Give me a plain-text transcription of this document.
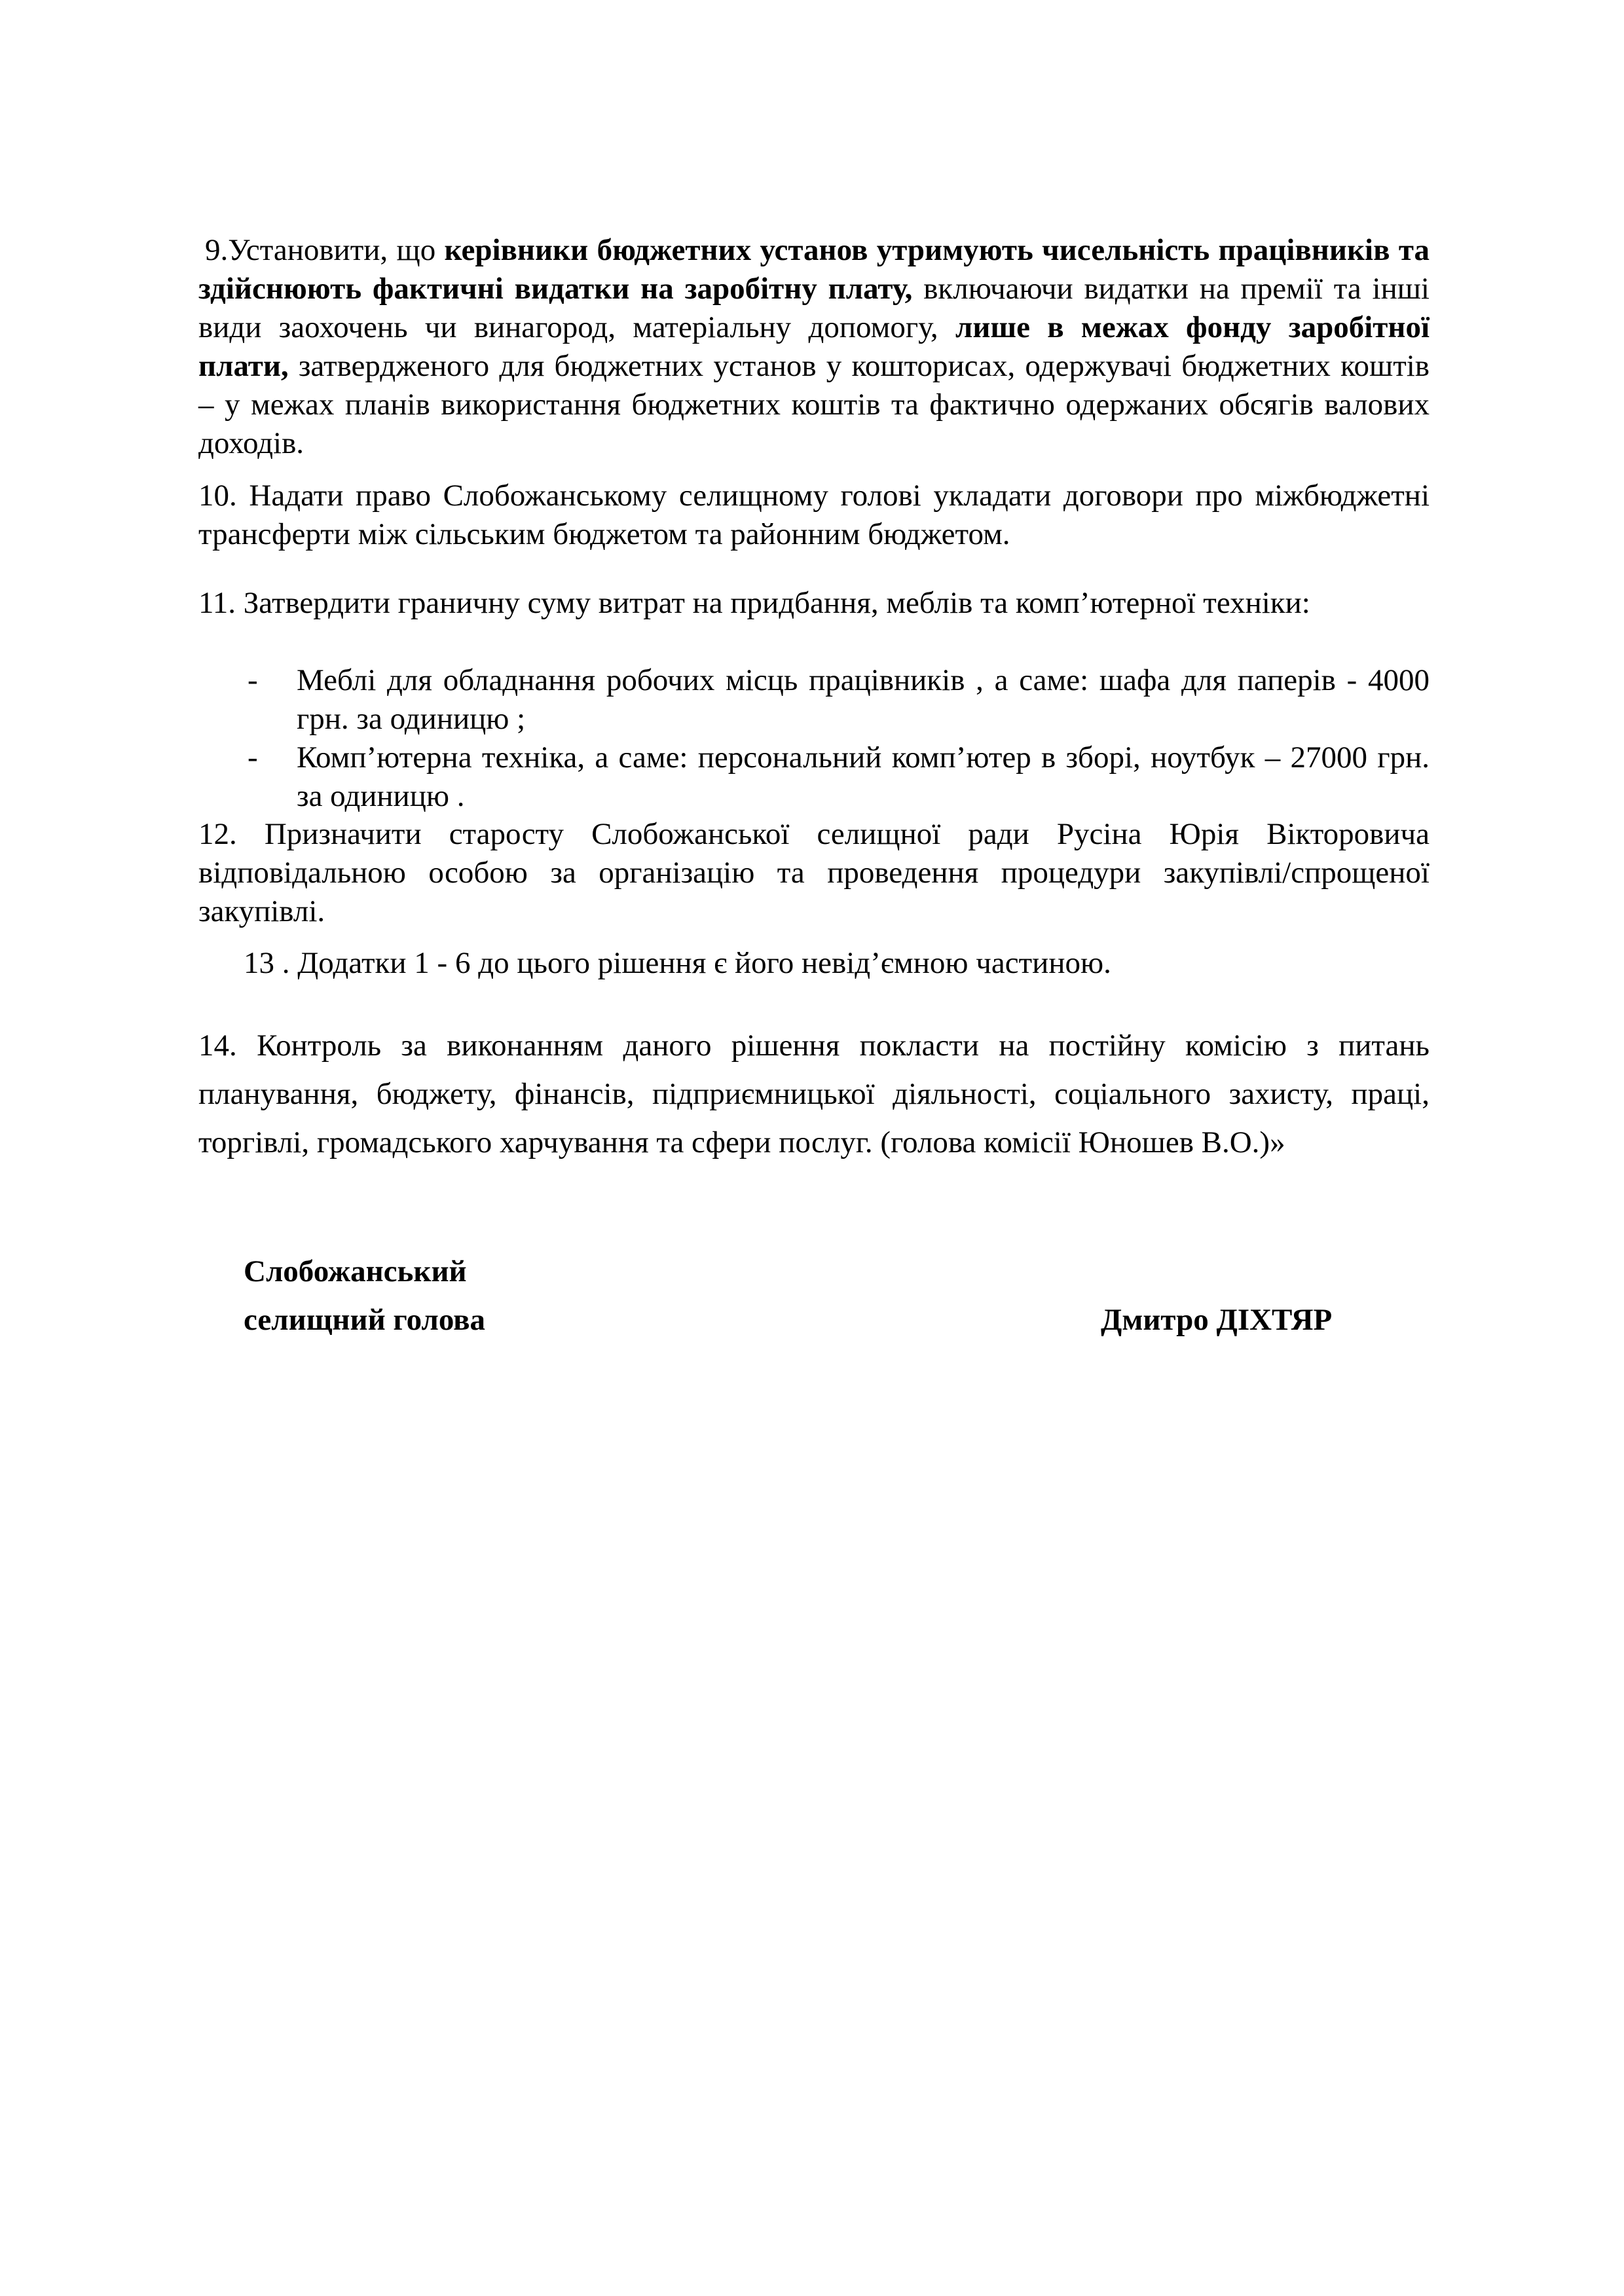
9.Установити, що керівники бюджетних установ утримують чисельність працівників та здійснюють фактичні видатки на заробітну плату, включаючи видатки на премії та інші види заохочень чи винагород, матеріальну допомогу, лише в межах фонду заробітної плати, затвердженого для бюджетних установ у кошторисах, одержувачі бюджетних коштів – у межах планів використання бюджетних коштів та фактично одержаних обсягів валових доходів.
10. Надати право Слобожанському селищному голові укладати договори про міжбюджетні трансферти між сільським бюджетом та районним бюджетом.
11. Затвердити граничну суму витрат на придбання, меблів та комп’ютерної техніки:
- Меблі для обладнання робочих місць працівників , а саме: шафа для паперів - 4000 грн. за одиницю ;
- Комп’ютерна техніка, а саме: персональний комп’ютер в зборі, ноутбук – 27000 грн. за одиницю .
12. Призначити старосту Слобожанської селищної ради Русіна Юрія Вікторовича відповідальною особою за організацію та проведення процедури закупівлі/спрощеної закупівлі.
13 . Додатки 1 - 6 до цього рішення є його невід’ємною частиною.
14. Контроль за виконанням даного рішення покласти на постійну комісію з питань планування, бюджету, фінансів, підприємницької діяльності, соціального захисту, праці, торгівлі, громадського харчування та сфери послуг. (голова комісії Юношев В.О.)»
Слобожанський
селищний голова	Дмитро ДІХТЯР
